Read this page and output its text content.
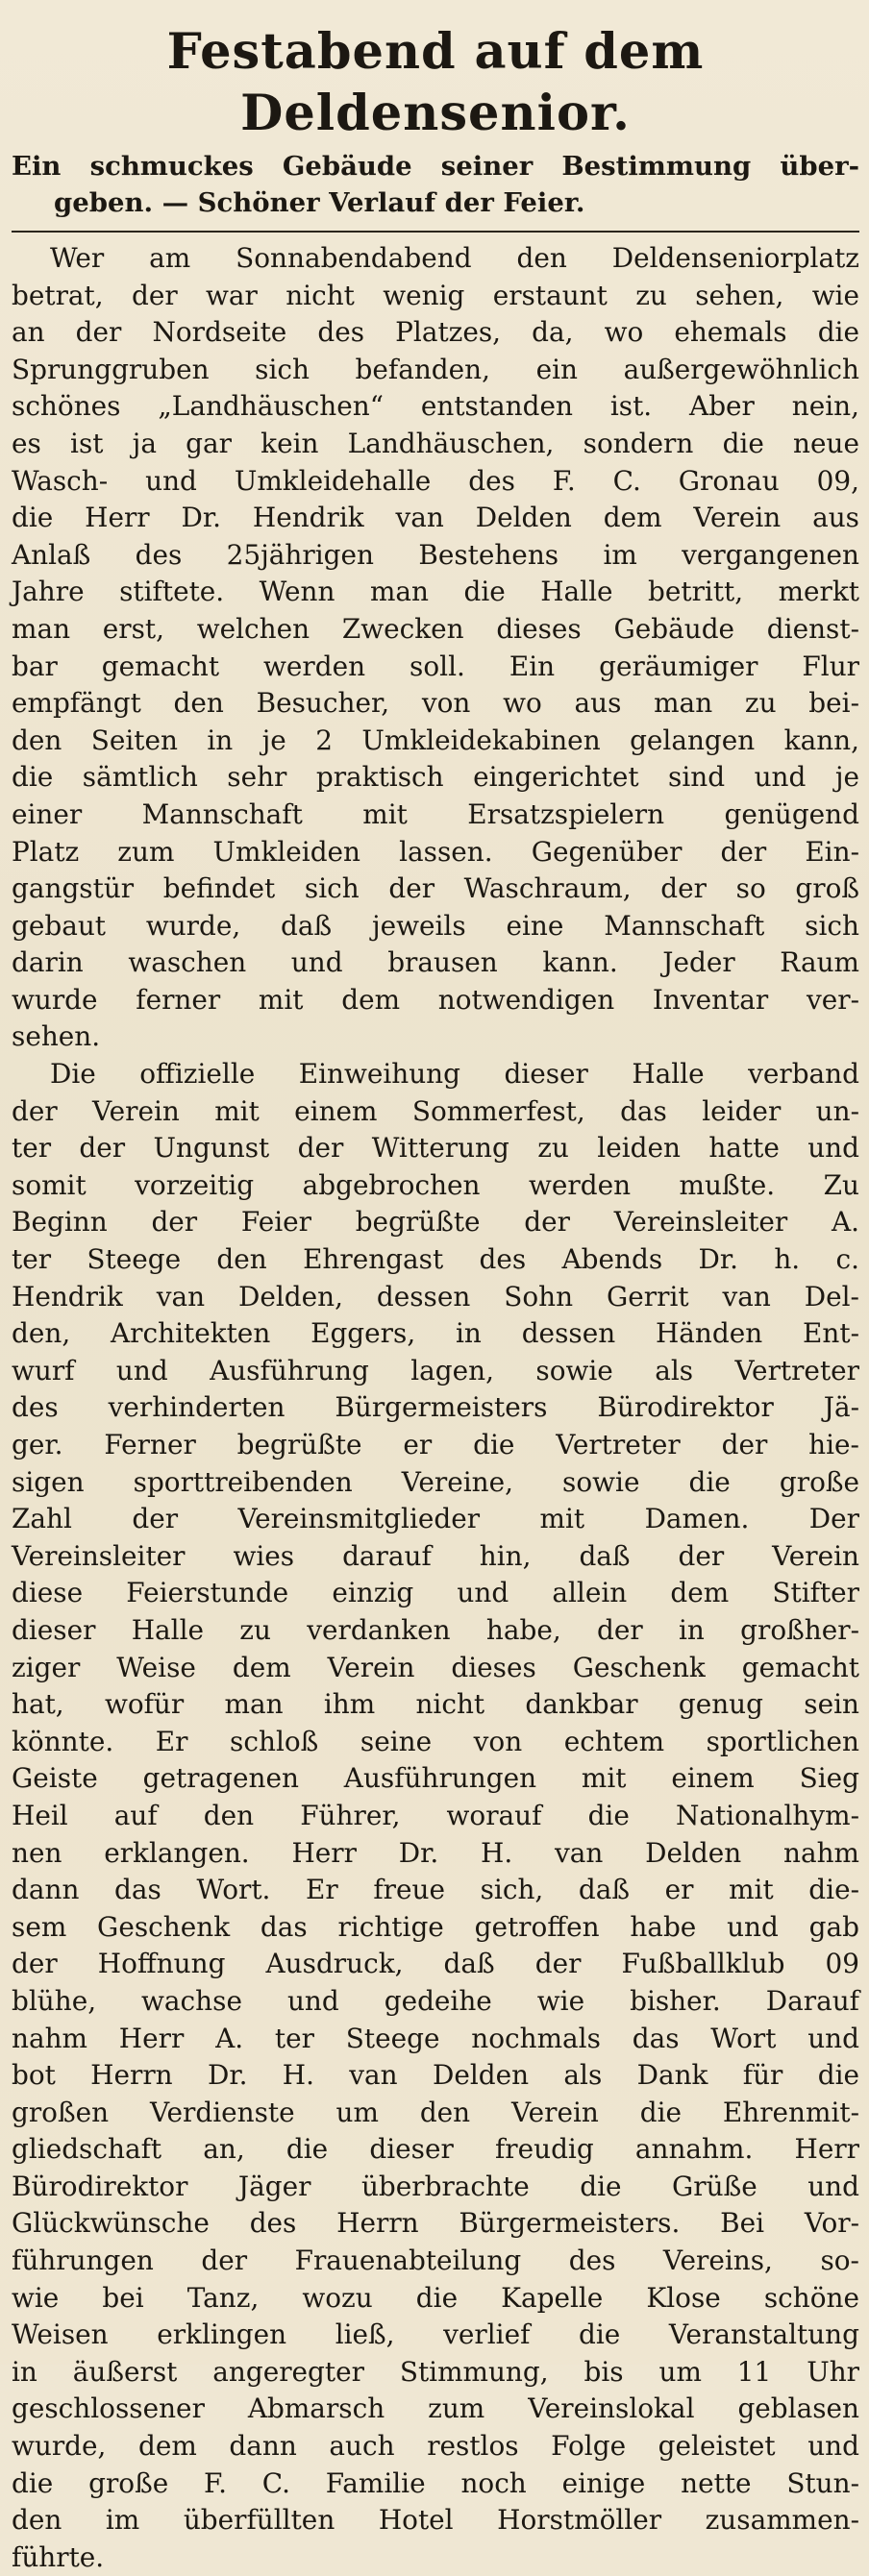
Festabend auf dem Deldensenior.
Ein schmuckes Gebäude seiner Bestimmung über-
geben. — Schöner Verlauf der Feier.
Wer am Sonnabendabend den Deldenseniorplatz
betrat, der war nicht wenig erstaunt zu sehen, wie
an der Nordseite des Platzes, da, wo ehemals die
Sprunggruben sich befanden, ein außergewöhnlich
schönes „Landhäuschen“ entstanden ist. Aber nein,
es ist ja gar kein Landhäuschen, sondern die neue
Wasch- und Umkleidehalle des F. C. Gronau 09,
die Herr Dr. Hendrik van Delden dem Verein aus
Anlaß des 25jährigen Bestehens im vergangenen
Jahre stiftete. Wenn man die Halle betritt, merkt
man erst, welchen Zwecken dieses Gebäude dienst-
bar gemacht werden soll. Ein geräumiger Flur
empfängt den Besucher, von wo aus man zu bei-
den Seiten in je 2 Umkleidekabinen gelangen kann,
die sämtlich sehr praktisch eingerichtet sind und je
einer Mannschaft mit Ersatzspielern genügend
Platz zum Umkleiden lassen. Gegenüber der Ein-
gangstür befindet sich der Waschraum, der so groß
gebaut wurde, daß jeweils eine Mannschaft sich
darin waschen und brausen kann. Jeder Raum
wurde ferner mit dem notwendigen Inventar ver-
sehen.
Die offizielle Einweihung dieser Halle verband
der Verein mit einem Sommerfest, das leider un-
ter der Ungunst der Witterung zu leiden hatte und
somit vorzeitig abgebrochen werden mußte. Zu
Beginn der Feier begrüßte der Vereinsleiter A.
ter Steege den Ehrengast des Abends Dr. h. c.
Hendrik van Delden, dessen Sohn Gerrit van Del-
den, Architekten Eggers, in dessen Händen Ent-
wurf und Ausführung lagen, sowie als Vertreter
des verhinderten Bürgermeisters Bürodirektor Jä-
ger. Ferner begrüßte er die Vertreter der hie-
sigen sporttreibenden Vereine, sowie die große
Zahl der Vereinsmitglieder mit Damen. Der
Vereinsleiter wies darauf hin, daß der Verein
diese Feierstunde einzig und allein dem Stifter
dieser Halle zu verdanken habe, der in großher-
ziger Weise dem Verein dieses Geschenk gemacht
hat, wofür man ihm nicht dankbar genug sein
könnte. Er schloß seine von echtem sportlichen
Geiste getragenen Ausführungen mit einem Sieg
Heil auf den Führer, worauf die Nationalhym-
nen erklangen. Herr Dr. H. van Delden nahm
dann das Wort. Er freue sich, daß er mit die-
sem Geschenk das richtige getroffen habe und gab
der Hoffnung Ausdruck, daß der Fußballklub 09
blühe, wachse und gedeihe wie bisher. Darauf
nahm Herr A. ter Steege nochmals das Wort und
bot Herrn Dr. H. van Delden als Dank für die
großen Verdienste um den Verein die Ehrenmit-
gliedschaft an, die dieser freudig annahm. Herr
Bürodirektor Jäger überbrachte die Grüße und
Glückwünsche des Herrn Bürgermeisters. Bei Vor-
führungen der Frauenabteilung des Vereins, so-
wie bei Tanz, wozu die Kapelle Klose schöne
Weisen erklingen ließ, verlief die Veranstaltung
in äußerst angeregter Stimmung, bis um 11 Uhr
geschlossener Abmarsch zum Vereinslokal geblasen
wurde, dem dann auch restlos Folge geleistet und
die große F. C. Familie noch einige nette Stun-
den im überfüllten Hotel Horstmöller zusammen-
führte.
